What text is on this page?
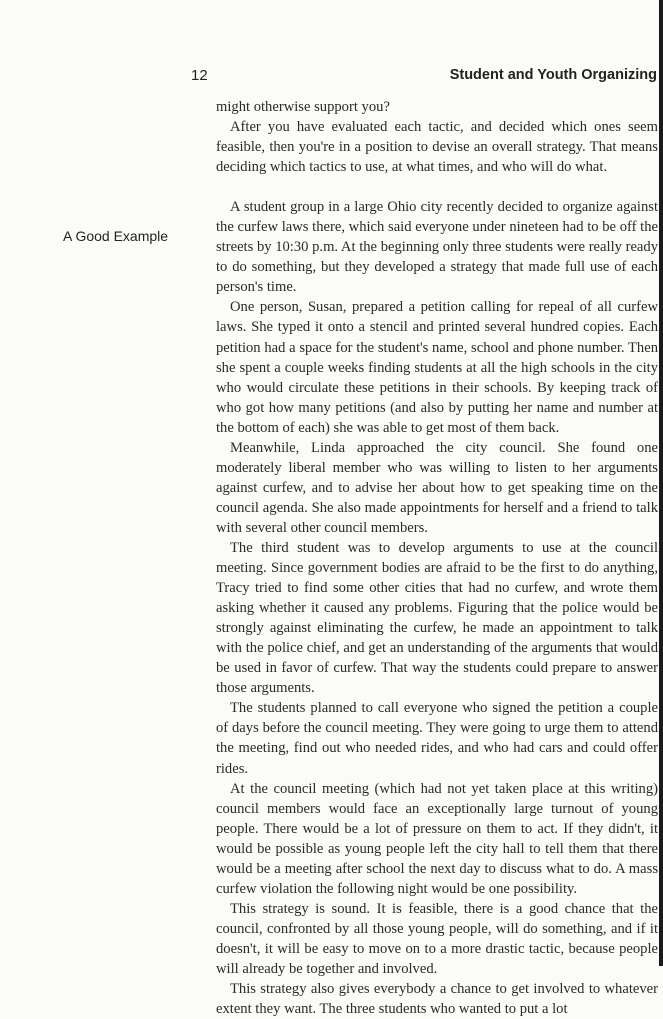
12	Student and Youth Organizing
A Good Example

might otherwise support you?

After you have evaluated each tactic, and decided which ones seem feasible, then you're in a position to devise an overall strategy. That means deciding which tactics to use, at what times, and who will do what.

A student group in a large Ohio city recently decided to organize against the curfew laws there, which said everyone under nineteen had to be off the streets by 10:30 p.m. At the beginning only three students were really ready to do something, but they developed a strategy that made full use of each person's time.

One person, Susan, prepared a petition calling for repeal of all curfew laws. She typed it onto a stencil and printed several hundred copies. Each petition had a space for the student's name, school and phone number. Then she spent a couple weeks finding students at all the high schools in the city who would circulate these petitions in their schools. By keeping track of who got how many petitions (and also by putting her name and number at the bottom of each) she was able to get most of them back.

Meanwhile, Linda approached the city council. She found one moderately liberal member who was willing to listen to her arguments against curfew, and to advise her about how to get speaking time on the council agenda. She also made appointments for herself and a friend to talk with several other council members.

The third student was to develop arguments to use at the council meeting. Since government bodies are afraid to be the first to do anything, Tracy tried to find some other cities that had no curfew, and wrote them asking whether it caused any problems. Figuring that the police would be strongly against eliminating the curfew, he made an appointment to talk with the police chief, and get an understanding of the arguments that would be used in favor of curfew. That way the students could prepare to answer those arguments.

The students planned to call everyone who signed the petition a couple of days before the council meeting. They were going to urge them to attend the meeting, find out who needed rides, and who had cars and could offer rides.

At the council meeting (which had not yet taken place at this writing) council members would face an exceptionally large turnout of young people. There would be a lot of pressure on them to act. If they didn't, it would be possible as young people left the city hall to tell them that there would be a meeting after school the next day to discuss what to do. A mass curfew violation the following night would be one possibility.

This strategy is sound. It is feasible, there is a good chance that the council, confronted by all those young people, will do something, and if it doesn't, it will be easy to move on to a more drastic tactic, because people will already be together and involved.

This strategy also gives everybody a chance to get involved to whatever extent they want. The three students who wanted to put a lot
